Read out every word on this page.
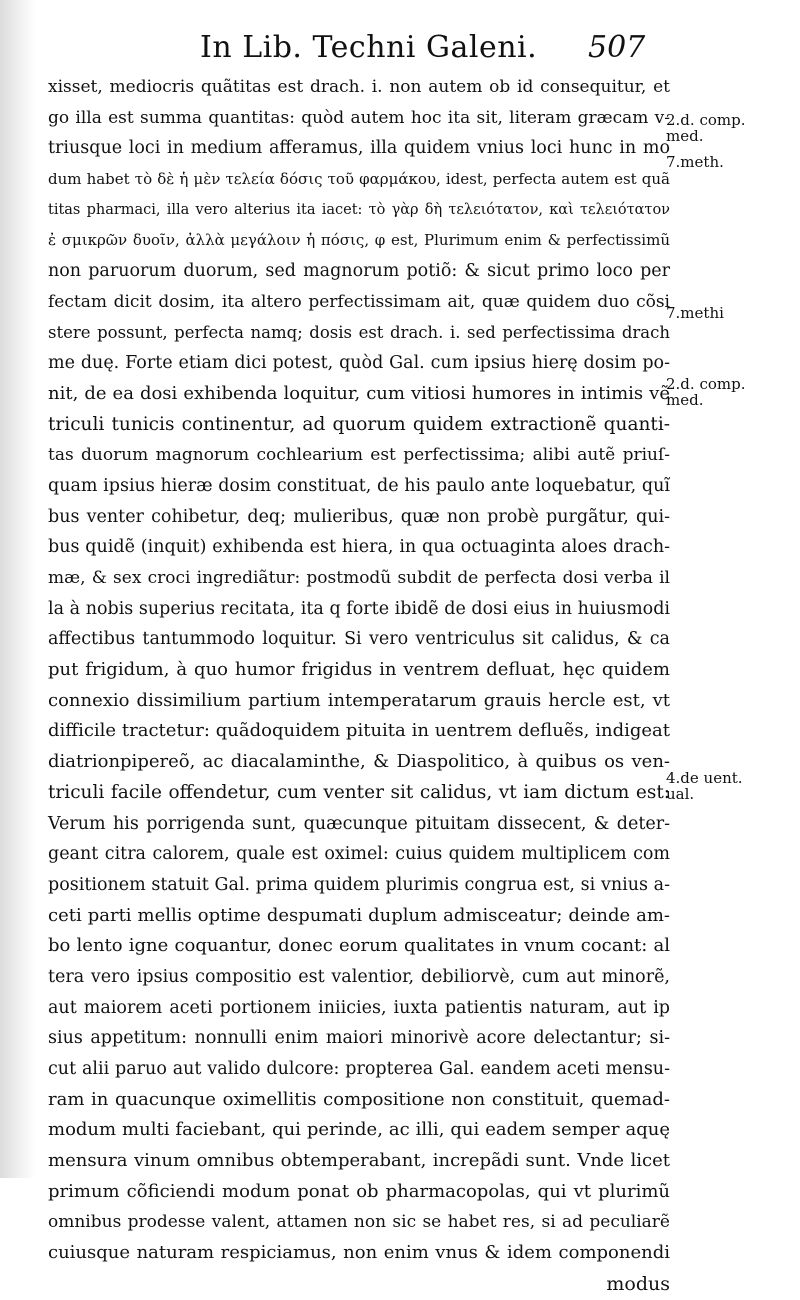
In Lib. Techni Galeni. 507
xisset, mediocris quãtitas est drach. i. non autem ob id consequitur, et
go illa est summa quantitas: quòd autem hoc ita sit, literam græcam v-
triusque loci in medium afferamus, illa quidem vnius loci hunc in mo
dum habet τὸ δὲ ἡ μὲν τελεία δόσις τοῦ φαρμάκου, idest, perfecta autem est quã
titas pharmaci, illa vero alterius ita iacet: τὸ γὰρ δὴ τελειότατον, καὶ τελειότατον
ἐ σμικρῶν δυοῖν, ἀλλὰ μεγάλοιν ἡ πόσις, φ est, Plurimum enim & perfectissimũ
non paruorum duorum, sed magnorum potiõ: & sicut primo loco per
fectam dicit dosim, ita altero perfectissimam ait, quæ quidem duo cõsi
stere possunt, perfecta namq; dosis est drach. i. sed perfectissima drach
me duę. Forte etiam dici potest, quòd Gal. cum ipsius hierę dosim po-
nit, de ea dosi exhibenda loquitur, cum vitiosi humores in intimis vẽ
triculi tunicis continentur, ad quorum quidem extractionẽ quanti-
tas duorum magnorum cochlearium est perfectissima; alibi autẽ priuſ-
quam ipsius hieræ dosim constituat, de his paulo ante loquebatur, quĩ
bus venter cohibetur, deq; mulieribus, quæ non probè purgãtur, qui-
bus quidẽ (inquit) exhibenda est hiera, in qua octuaginta aloes drach-
mæ, & sex croci ingrediãtur: postmodũ subdit de perfecta dosi verba il
la à nobis superius recitata, ita q forte ibidẽ de dosi eius in huiusmodi
affectibus tantummodo loquitur. Si vero ventriculus sit calidus, & ca
put frigidum, à quo humor frigidus in ventrem defluat, hęc quidem
connexio dissimilium partium intemperatarum grauis hercle est, vt
difficile tractetur: quãdoquidem pituita in uentrem defluẽs, indigeat
diatrionpipereõ, ac diacalaminthe, & Diaspolitico, à quibus os ven-
triculi facile offendetur, cum venter sit calidus, vt iam dictum est:
Verum his porrigenda sunt, quæcunque pituitam dissecent, & deter-
geant citra calorem, quale est oximel: cuius quidem multiplicem com
positionem statuit Gal. prima quidem plurimis congrua est, si vnius a-
ceti parti mellis optime despumati duplum admisceatur; deinde am-
bo lento igne coquantur, donec eorum qualitates in vnum cocant: al
tera vero ipsius compositio est valentior, debiliorvè, cum aut minorẽ,
aut maiorem aceti portionem iniicies, iuxta patientis naturam, aut ip
sius appetitum: nonnulli enim maiori minorivè acore delectantur; si-
cut alii paruo aut valido dulcore: propterea Gal. eandem aceti mensu-
ram in quacunque oximellitis compositione non constituit, quemad-
modum multi faciebant, qui perinde, ac illi, qui eadem semper aquę
mensura vinum omnibus obtemperabant, increpãdi sunt. Vnde licet
primum cõficiendi modum ponat ob pharmacopolas, qui vt plurimũ
omnibus prodesse valent, attamen non sic se habet res, si ad peculiarẽ
cuiusque naturam respiciamus, non enim vnus & idem componendi
modus
2.d. comp.
med.
7.meth.
7.methi
2.d. comp.
med.
4.de uent.
ual.
